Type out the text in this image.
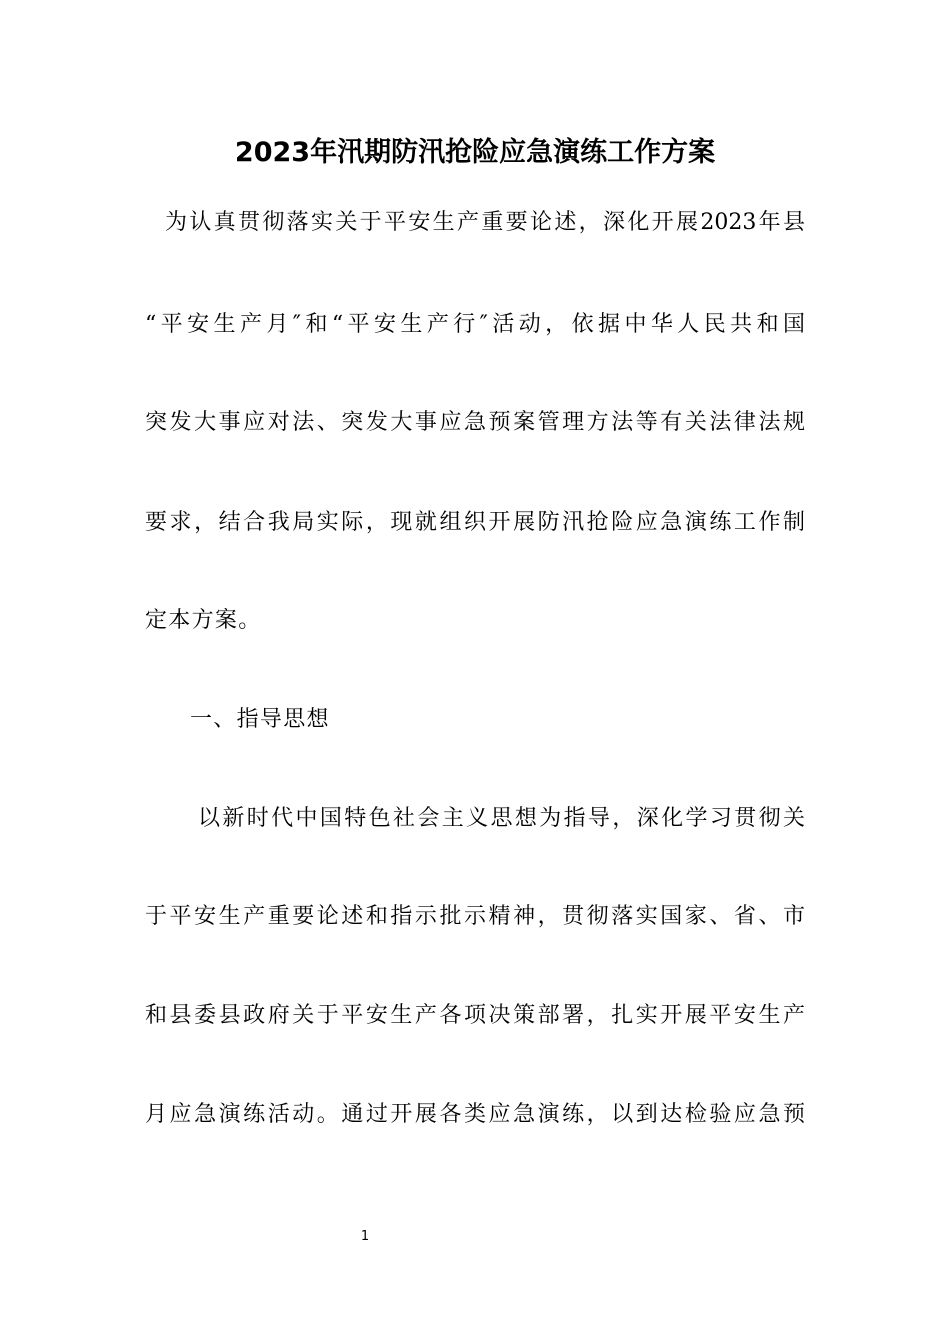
2023年汛期防汛抢险应急演练工作方案
为认真贯彻落实关于平安生产重要论述，深化开展2023年县
“平安生产月″和“平安生产行″活动，依据中华人民共和国
突发大事应对法、突发大事应急预案管理方法等有关法律法规
要求，结合我局实际，现就组织开展防汛抢险应急演练工作制
定本方案。
一、指导思想
以新时代中国特色社会主义思想为指导，深化学习贯彻关
于平安生产重要论述和指示批示精神，贯彻落实国家、省、市
和县委县政府关于平安生产各项决策部署，扎实开展平安生产
月应急演练活动。通过开展各类应急演练，以到达检验应急预
1
